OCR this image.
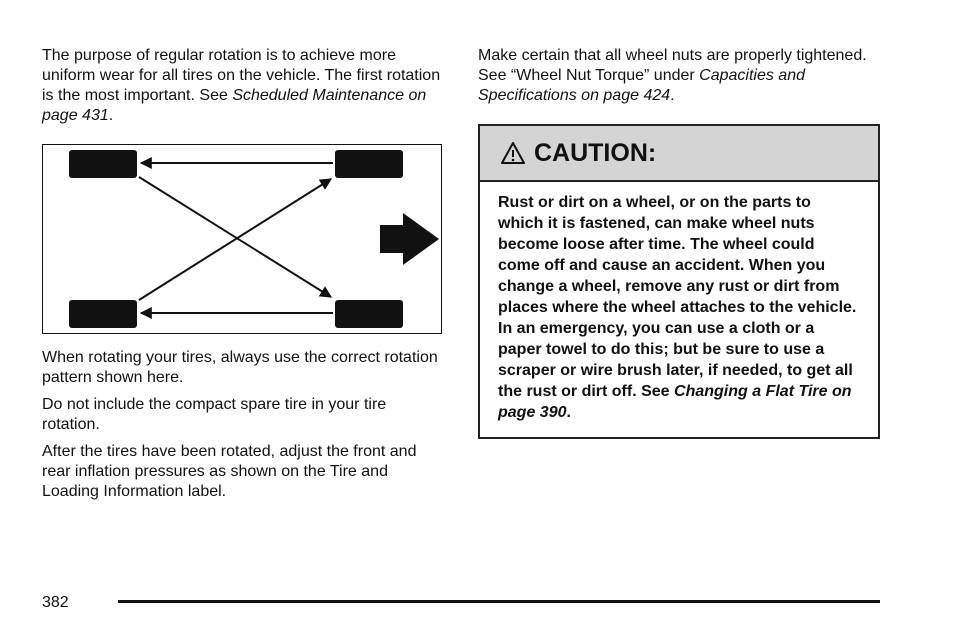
The purpose of regular rotation is to achieve more uniform wear for all tires on the vehicle. The first rotation is the most important. See Scheduled Maintenance on page 431.

When rotating your tires, always use the correct rotation pattern shown here.

Do not include the compact spare tire in your tire rotation.

After the tires have been rotated, adjust the front and rear inflation pressures as shown on the Tire and Loading Information label.

Make certain that all wheel nuts are properly tightened. See “Wheel Nut Torque” under Capacities and Specifications on page 424.

CAUTION:
Rust or dirt on a wheel, or on the parts to which it is fastened, can make wheel nuts become loose after time. The wheel could come off and cause an accident. When you change a wheel, remove any rust or dirt from places where the wheel attaches to the vehicle. In an emergency, you can use a cloth or a paper towel to do this; but be sure to use a scraper or wire brush later, if needed, to get all the rust or dirt off. See Changing a Flat Tire on page 390.
382
